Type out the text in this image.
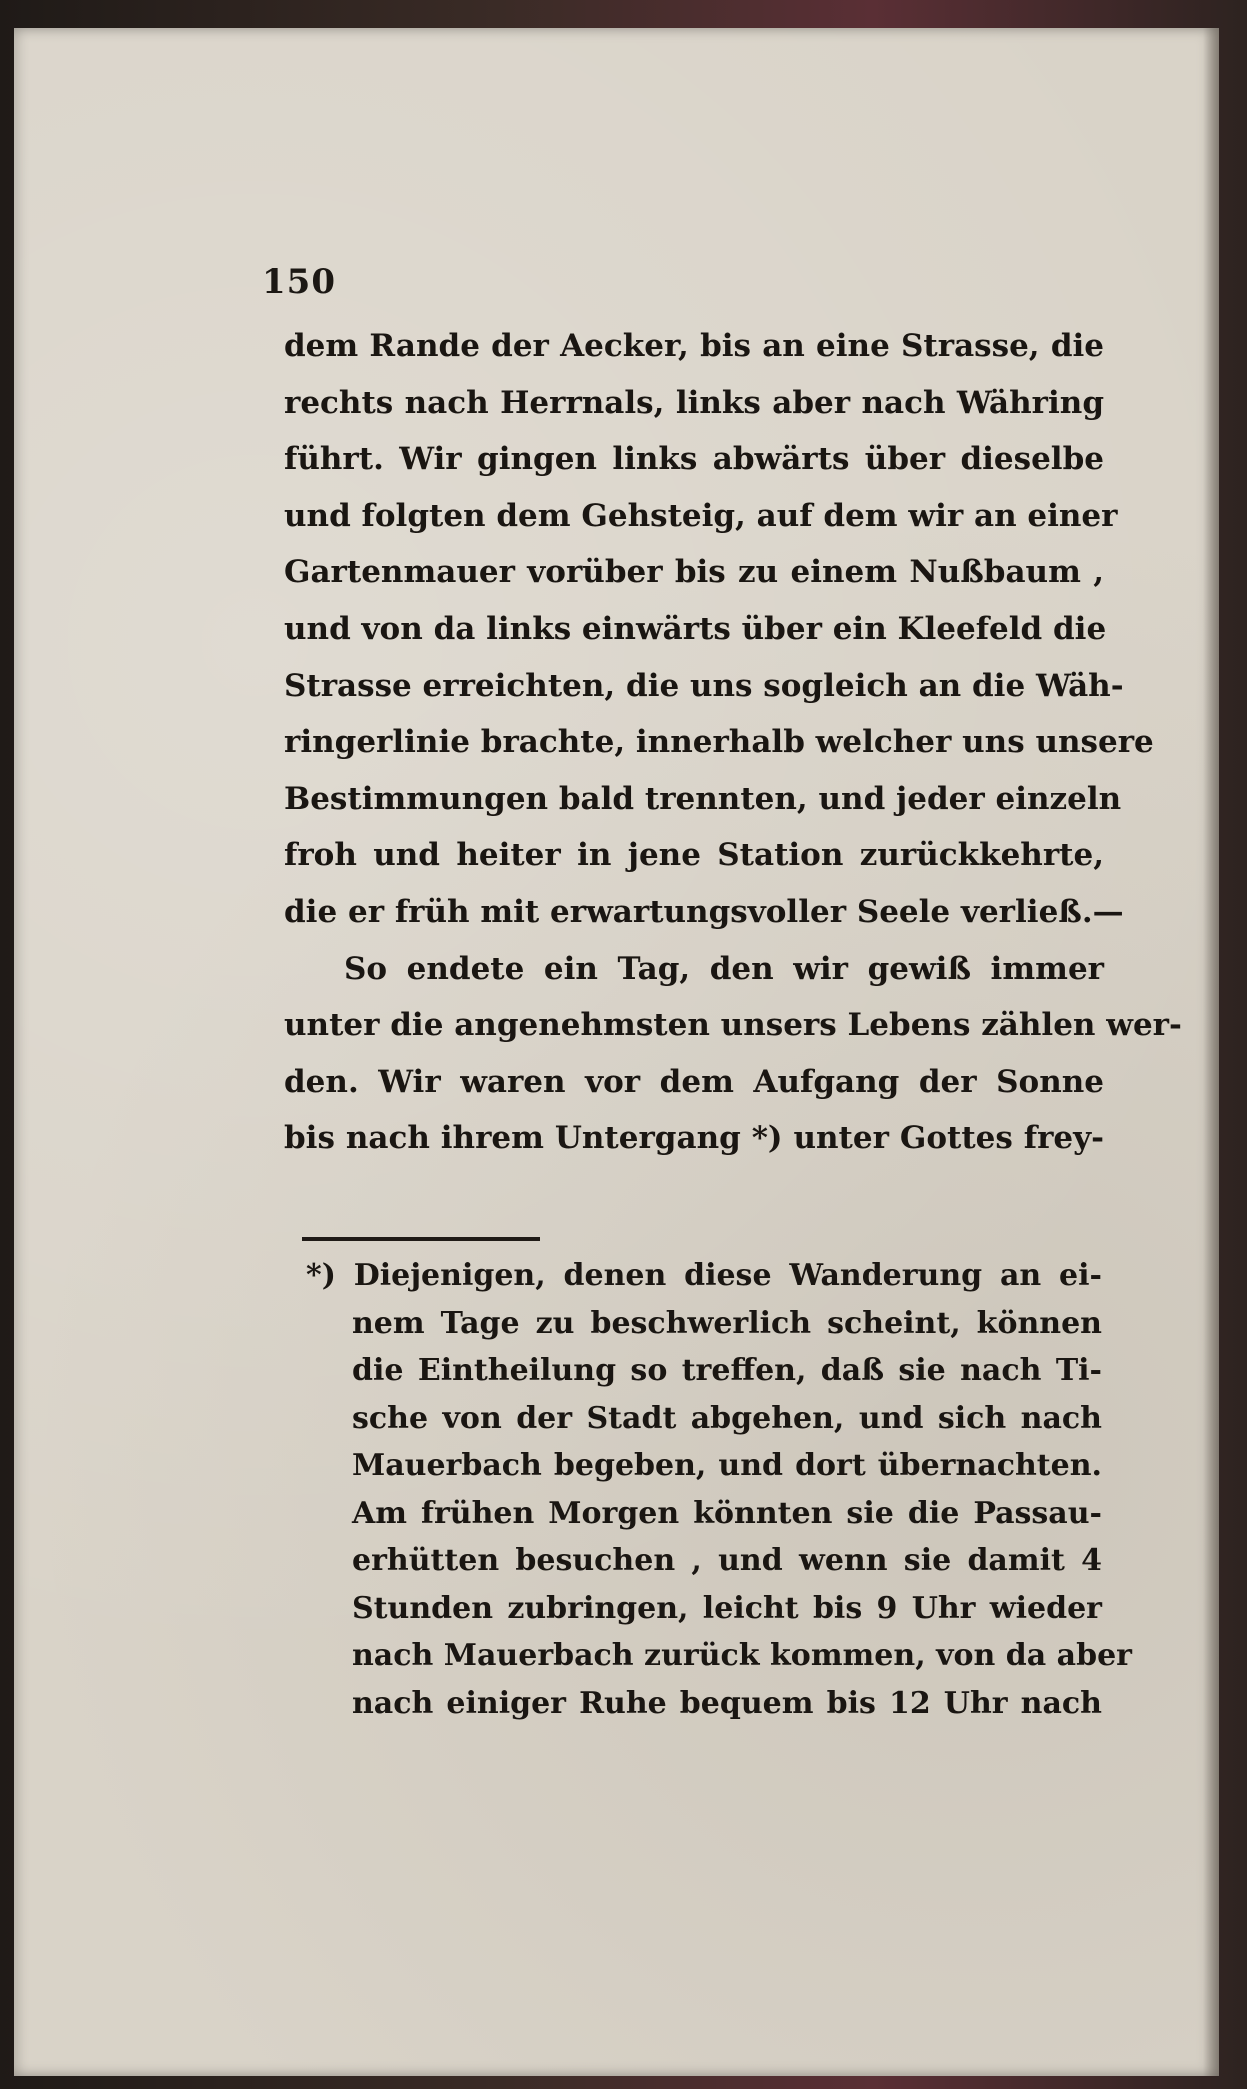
150
dem Rande der Aecker, bis an eine Strasse, die
rechts nach Herrnals, links aber nach Währing
führt. Wir gingen links abwärts über dieselbe
und folgten dem Gehsteig, auf dem wir an einer
Gartenmauer vorüber bis zu einem Nußbaum ,
und von da links einwärts über ein Kleefeld die
Strasse erreichten, die uns sogleich an die Wäh-
ringerlinie brachte, innerhalb welcher uns unsere
Bestimmungen bald trennten, und jeder einzeln
froh und heiter in jene Station zurückkehrte,
die er früh mit erwartungsvoller Seele verließ.—
So endete ein Tag, den wir gewiß immer
unter die angenehmsten unsers Lebens zählen wer-
den. Wir waren vor dem Aufgang der Sonne
bis nach ihrem Untergang *) unter Gottes frey-
*) Diejenigen, denen diese Wanderung an ei-
nem Tage zu beschwerlich scheint, können
die Eintheilung so treffen, daß sie nach Ti-
sche von der Stadt abgehen, und sich nach
Mauerbach begeben, und dort übernachten.
Am frühen Morgen könnten sie die Passau-
erhütten besuchen , und wenn sie damit 4
Stunden zubringen, leicht bis 9 Uhr wieder
nach Mauerbach zurück kommen, von da aber
nach einiger Ruhe bequem bis 12 Uhr nach
